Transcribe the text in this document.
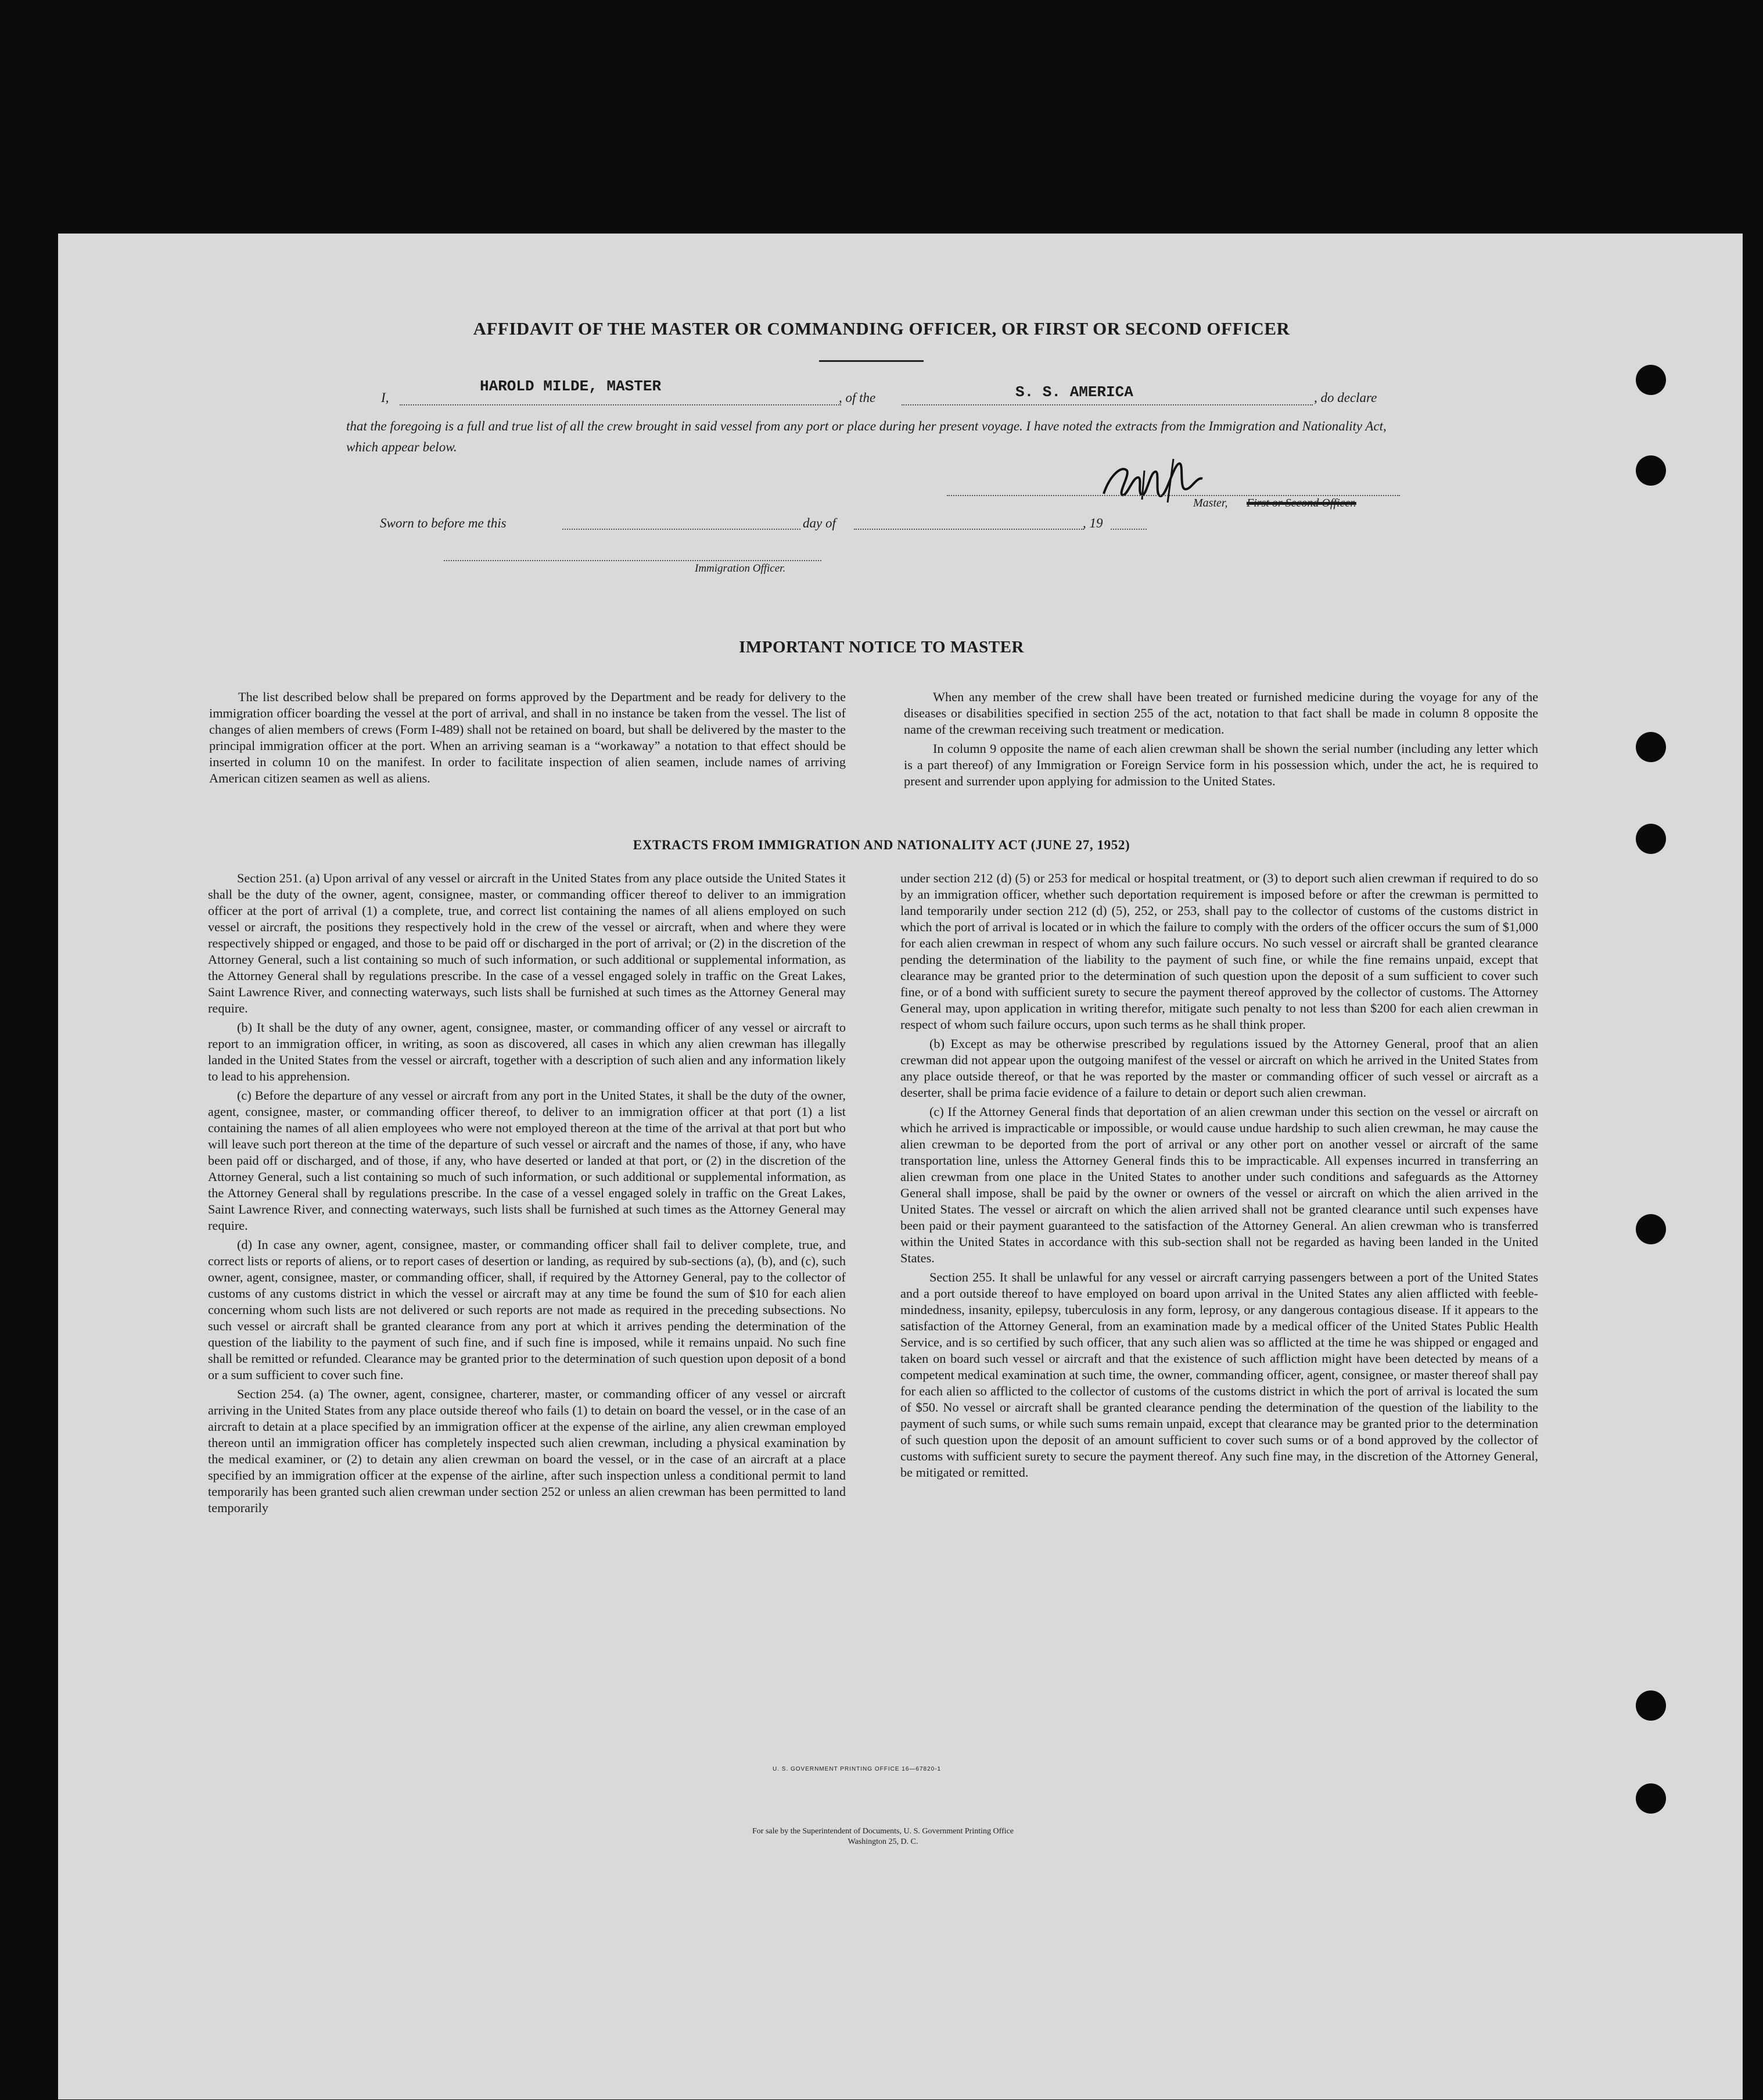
AFFIDAVIT OF THE MASTER OR COMMANDING OFFICER, OR FIRST OR SECOND OFFICER
I,
HAROLD MILDE, MASTER
, of the	S. S. AMERICA	, do declare
that the foregoing is a full and true list of all the crew brought in said vessel from any port or place during her present voyage. I have noted the extracts from the Immigration and Nationality Act, which appear below.
Master, First or Second Officer.
Sworn to before me this	day of	, 19
Immigration Officer.
IMPORTANT NOTICE TO MASTER

The list described below shall be prepared on forms approved by the Department and be ready for delivery to the immigration officer boarding the vessel at the port of arrival, and shall in no instance be taken from the vessel. The list of changes of alien members of crews (Form I-489) shall not be retained on board, but shall be delivered by the master to the principal immigration officer at the port. When an arriving seaman is a “workaway” a notation to that effect should be inserted in column 10 on the manifest. In order to facilitate inspection of alien seamen, include names of arriving American citizen seamen as well as aliens.

When any member of the crew shall have been treated or furnished medicine during the voyage for any of the diseases or disabilities specified in section 255 of the act, notation to that fact shall be made in column 8 opposite the name of the crewman receiving such treatment or medication.

In column 9 opposite the name of each alien crewman shall be shown the serial number (including any letter which is a part thereof) of any Immigration or Foreign Service form in his possession which, under the act, he is required to present and surrender upon applying for admission to the United States.

EXTRACTS FROM IMMIGRATION AND NATIONALITY ACT (JUNE 27, 1952)

Section 251. (a) Upon arrival of any vessel or aircraft in the United States from any place outside the United States it shall be the duty of the owner, agent, consignee, master, or commanding officer thereof to deliver to an immigration officer at the port of arrival (1) a complete, true, and correct list containing the names of all aliens employed on such vessel or aircraft, the positions they respectively hold in the crew of the vessel or aircraft, when and where they were respectively shipped or engaged, and those to be paid off or discharged in the port of arrival; or (2) in the discretion of the Attorney General, such a list containing so much of such information, or such additional or supplemental information, as the Attorney General shall by regulations prescribe. In the case of a vessel engaged solely in traffic on the Great Lakes, Saint Lawrence River, and connecting waterways, such lists shall be furnished at such times as the Attorney General may require.

(b) It shall be the duty of any owner, agent, consignee, master, or commanding officer of any vessel or aircraft to report to an immigration officer, in writing, as soon as discovered, all cases in which any alien crewman has illegally landed in the United States from the vessel or aircraft, together with a description of such alien and any information likely to lead to his apprehension.

(c) Before the departure of any vessel or aircraft from any port in the United States, it shall be the duty of the owner, agent, consignee, master, or commanding officer thereof, to deliver to an immigration officer at that port (1) a list containing the names of all alien employees who were not employed thereon at the time of the arrival at that port but who will leave such port thereon at the time of the departure of such vessel or aircraft and the names of those, if any, who have been paid off or discharged, and of those, if any, who have deserted or landed at that port, or (2) in the discretion of the Attorney General, such a list containing so much of such information, or such additional or supplemental information, as the Attorney General shall by regulations prescribe. In the case of a vessel engaged solely in traffic on the Great Lakes, Saint Lawrence River, and connecting waterways, such lists shall be furnished at such times as the Attorney General may require.

(d) In case any owner, agent, consignee, master, or commanding officer shall fail to deliver complete, true, and correct lists or reports of aliens, or to report cases of desertion or landing, as required by sub-sections (a), (b), and (c), such owner, agent, consignee, master, or commanding officer, shall, if required by the Attorney General, pay to the collector of customs of any customs district in which the vessel or aircraft may at any time be found the sum of $10 for each alien concerning whom such lists are not delivered or such reports are not made as required in the preceding subsections. No such vessel or aircraft shall be granted clearance from any port at which it arrives pending the determination of the question of the liability to the payment of such fine, and if such fine is imposed, while it remains unpaid. No such fine shall be remitted or refunded. Clearance may be granted prior to the determination of such question upon deposit of a bond or a sum sufficient to cover such fine.

Section 254. (a) The owner, agent, consignee, charterer, master, or commanding officer of any vessel or aircraft arriving in the United States from any place outside thereof who fails (1) to detain on board the vessel, or in the case of an aircraft to detain at a place specified by an immigration officer at the expense of the airline, any alien crewman employed thereon until an immigration officer has completely inspected such alien crewman, including a physical examination by the medical examiner, or (2) to detain any alien crewman on board the vessel, or in the case of an aircraft at a place specified by an immigration officer at the expense of the airline, after such inspection unless a conditional permit to land temporarily has been granted such alien crewman under section 252 or unless an alien crewman has been permitted to land temporarily

under section 212 (d) (5) or 253 for medical or hospital treatment, or (3) to deport such alien crewman if required to do so by an immigration officer, whether such deportation requirement is imposed before or after the crewman is permitted to land temporarily under section 212 (d) (5), 252, or 253, shall pay to the collector of customs of the customs district in which the port of arrival is located or in which the failure to comply with the orders of the officer occurs the sum of $1,000 for each alien crewman in respect of whom any such failure occurs. No such vessel or aircraft shall be granted clearance pending the determination of the liability to the payment of such fine, or while the fine remains unpaid, except that clearance may be granted prior to the determination of such question upon the deposit of a sum sufficient to cover such fine, or of a bond with sufficient surety to secure the payment thereof approved by the collector of customs. The Attorney General may, upon application in writing therefor, mitigate such penalty to not less than $200 for each alien crewman in respect of whom such failure occurs, upon such terms as he shall think proper.

(b) Except as may be otherwise prescribed by regulations issued by the Attorney General, proof that an alien crewman did not appear upon the outgoing manifest of the vessel or aircraft on which he arrived in the United States from any place outside thereof, or that he was reported by the master or commanding officer of such vessel or aircraft as a deserter, shall be prima facie evidence of a failure to detain or deport such alien crewman.

(c) If the Attorney General finds that deportation of an alien crewman under this section on the vessel or aircraft on which he arrived is impracticable or impossible, or would cause undue hardship to such alien crewman, he may cause the alien crewman to be deported from the port of arrival or any other port on another vessel or aircraft of the same transportation line, unless the Attorney General finds this to be impracticable. All expenses incurred in transferring an alien crewman from one place in the United States to another under such conditions and safeguards as the Attorney General shall impose, shall be paid by the owner or owners of the vessel or aircraft on which the alien arrived in the United States. The vessel or aircraft on which the alien arrived shall not be granted clearance until such expenses have been paid or their payment guaranteed to the satisfaction of the Attorney General. An alien crewman who is transferred within the United States in accordance with this sub-section shall not be regarded as having been landed in the United States.

Section 255. It shall be unlawful for any vessel or aircraft carrying passengers between a port of the United States and a port outside thereof to have employed on board upon arrival in the United States any alien afflicted with feeble-mindedness, insanity, epilepsy, tuberculosis in any form, leprosy, or any dangerous contagious disease. If it appears to the satisfaction of the Attorney General, from an examination made by a medical officer of the United States Public Health Service, and is so certified by such officer, that any such alien was so afflicted at the time he was shipped or engaged and taken on board such vessel or aircraft and that the existence of such affliction might have been detected by means of a competent medical examination at such time, the owner, commanding officer, agent, consignee, or master thereof shall pay for each alien so afflicted to the collector of customs of the customs district in which the port of arrival is located the sum of $50. No vessel or aircraft shall be granted clearance pending the determination of the question of the liability to the payment of such sums, or while such sums remain unpaid, except that clearance may be granted prior to the determination of such question upon the deposit of an amount sufficient to cover such sums or of a bond approved by the collector of customs with sufficient surety to secure the payment thereof. Any such fine may, in the discretion of the Attorney General, be mitigated or remitted.

U. S. GOVERNMENT PRINTING OFFICE 16—67820-1
For sale by the Superintendent of Documents, U. S. Government Printing Office
Washington 25, D. C.
